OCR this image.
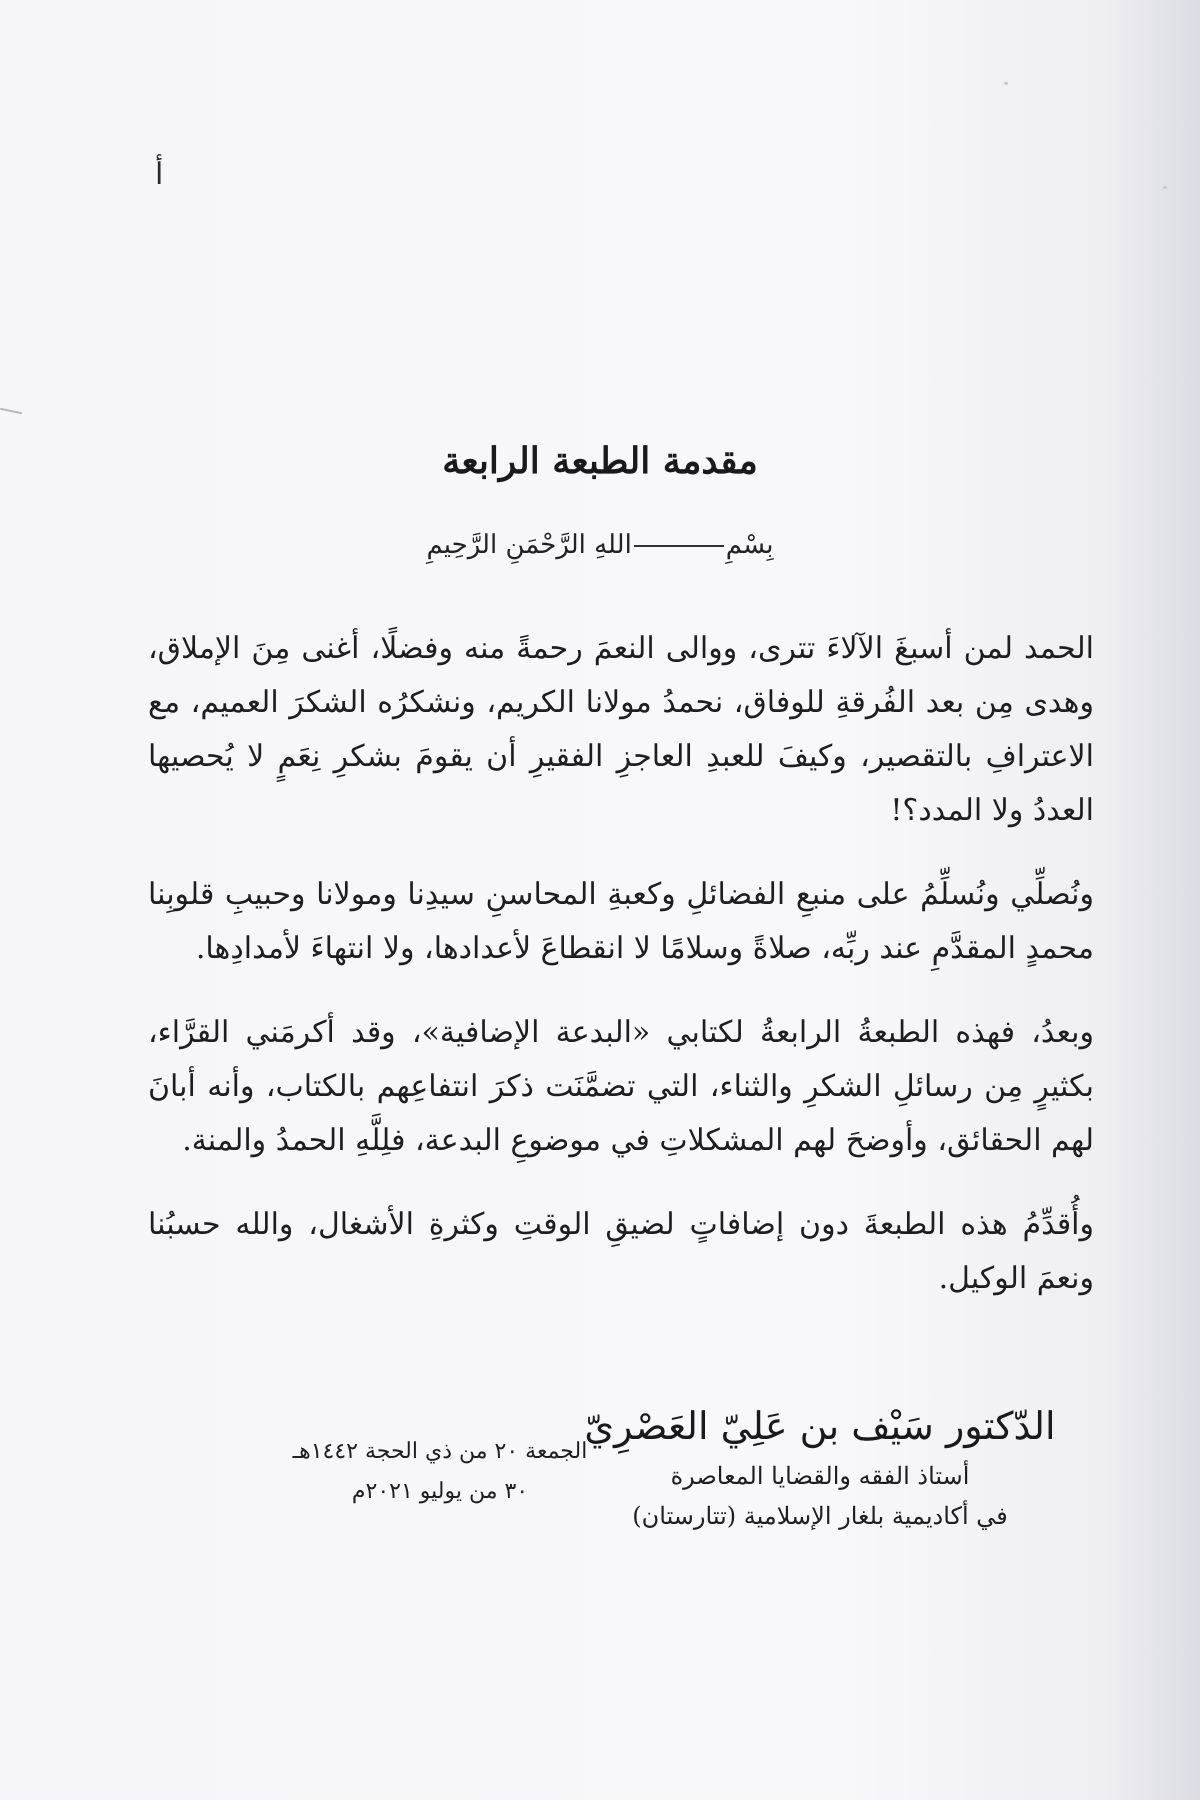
أ
مقدمة الطبعة الرابعة
بِسْمِاللهِ الرَّحْمَنِ الرَّحِيمِ

الحمد لمن أسبغَ الآلاءَ تترى، ووالى النعمَ رحمةً منه وفضلًا، أغنى مِنَ الإملاق، وهدى مِن بعد الفُرقةِ للوفاق، نحمدُ مولانا الكريم، ونشكرُه الشكرَ العميم، مع الاعترافِ بالتقصير، وكيفَ للعبدِ العاجزِ الفقيرِ أن يقومَ بشكرِ نِعَمٍ لا يُحصيها العددُ ولا المدد؟!

ونُصلِّي ونُسلِّمُ على منبعِ الفضائلِ وكعبةِ المحاسنِ سيدِنا ومولانا وحبيبِ قلوبِنا محمدٍ المقدَّمِ عند ربِّه، صلاةً وسلامًا لا انقطاعَ لأعدادها، ولا انتهاءَ لأمدادِها.

وبعدُ، فهذه الطبعةُ الرابعةُ لكتابي «البدعة الإضافية»، وقد أكرمَني القرَّاء، بكثيرٍ مِن رسائلِ الشكرِ والثناء، التي تضمَّنَت ذكرَ انتفاعِهم بالكتاب، وأنه أبانَ لهم الحقائق، وأوضحَ لهم المشكلاتِ في موضوعِ البدعة، فلِلَّهِ الحمدُ والمنة.

وأُقدِّمُ هذه الطبعةَ دون إضافاتٍ لضيقِ الوقتِ وكثرةِ الأشغال، والله حسبُنا ونعمَ الوكيل.

الدّكتور سَيْف بن عَلِيّ العَصْرِيّ
أستاذ الفقه والقضايا المعاصرة
في أكاديمية بلغار الإسلامية (تتارستان)
الجمعة ٢٠ من ذي الحجة ١٤٤٢هـ
٣٠ من يوليو ٢٠٢١م
